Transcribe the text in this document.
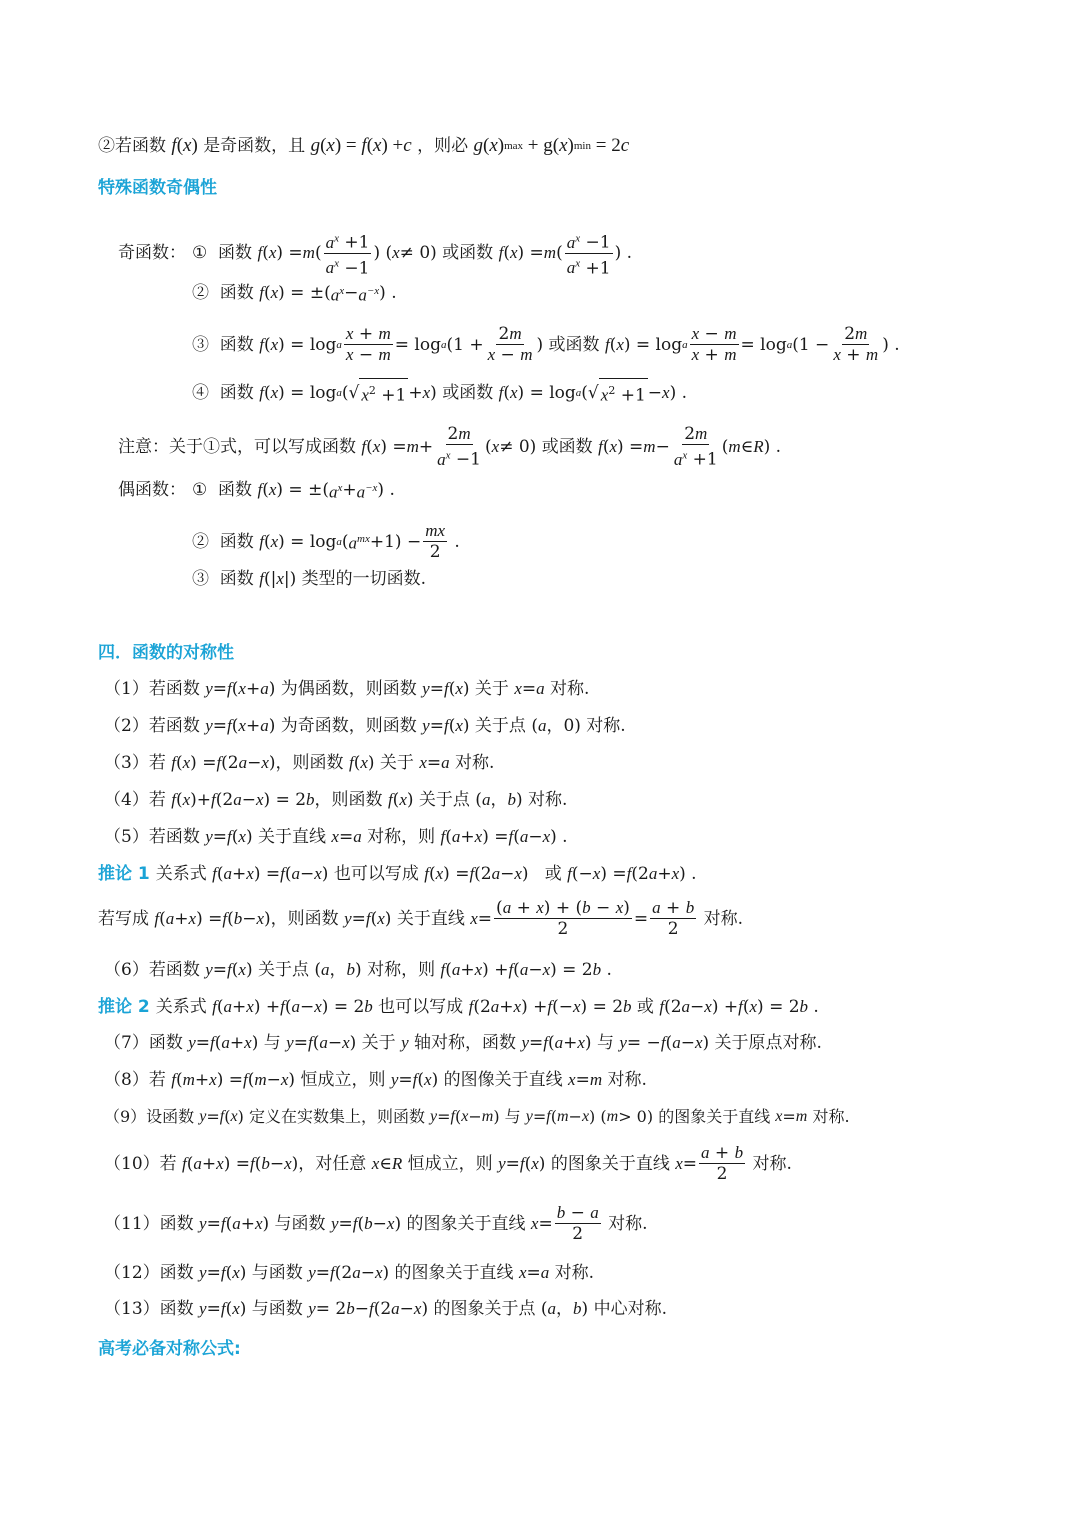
②若函数
f ( x )
是奇函数，且
g ( x ) = f ( x ) + c
，则必
g ( x ) max + g( x ) min = 2 c
特殊函数奇偶性
奇函数： ① 函数 f ( x ) = m ( $\frac{a^x +1}{a^x -1}$ ) ( x ≠ 0) 或函数 f ( x ) = m ( $\frac{a^x -1}{a^x +1}$ ) .
②  函数 f ( x ) = ±( $a^x - a^{-x}$ ) .
③  函数 f ( x ) = log a $\frac{x + m}{x - m} = \log a$ ($1 + \frac{2m}{x - m}$ ) 或函数 f ( x ) = log a $\frac{x - m}{x + m} = \log a$ ($1 - \frac{2m}{x + m}$ ) .
④  函数 f ( x ) = log a (√ $x^2 +1 + x$ ) 或函数 f ( x ) = log a (√ $x^2 +1 - x$ ) .
注意： 关于①式，可以写成函数 f ( x ) = $m + \frac{2m}{a^x -1}$ ( x ≠ 0) 或函数 f ( x ) = $m - \frac{2m}{a^x +1}$ ( m ∈ R ) .
偶函数： ① 函数 f ( x ) = ±( $a^x + a^{-x}$ ) .
②  函数 f ( x ) = log a ( $a^{mx} +1) - \frac{mx}{2}$ .
③  函数 f (| x |) 类型的一切函数.
四．函数的对称性
（1）若函数 y = f ( x + a ) 为偶函数，则函数 y = f ( x ) 关于 x = a 对称.
（2）若函数 y = f ( x + a ) 为奇函数，则函数 y = f ( x ) 关于点 ( a ，0) 对称.
（3）若 f ( x ) = f (2 a − x )，则函数 f ( x ) 关于 x = a 对称.
（4）若 f ( x )+ f (2 a − x ) = 2 b ，则函数 f ( x ) 关于点 ( a ， b ) 对称.
（5）若函数 y = f ( x ) 关于直线 x = a 对称，则 f ( a + x ) = f ( a − x ) .
推论 1 关系式 f ( a + x ) = f ( a − x ) 也可以写成 f ( x ) = f (2 a − x )   或 f (− x ) = f (2 a + x ) .
若写成 f ( a + x ) = f ( b − x )，则函数 y = f ( x ) 关于直线 $x = \frac{(a + x) + (b - x)}{2} = \frac{a + b}{2}$ 对称.
（6）若函数 y = f ( x ) 关于点 ( a ， b ) 对称，则 f ( a + x ) + f ( a − x ) = 2 b .
推论 2 关系式 f ( a + x ) + f ( a − x ) = 2 b 也可以写成 f (2 a + x ) + f (− x ) = 2 b 或 f (2 a − x ) + f ( x ) = 2 b .
（7）函数 y = f ( a + x ) 与 y = f ( a − x ) 关于 y 轴对称，函数 y = f ( a + x ) 与 y = − f ( a − x ) 关于原点对称.
（8）若 f ( m + x ) = f ( m − x ) 恒成立，则 y = f ( x ) 的图像关于直线 x = m 对称.
（9）设函数 y = f ( x ) 定义在实数集上，则函数 y = f ( x − m ) 与 y = f ( m − x ) ( m > 0) 的图象关于直线 x = m 对称.
（10）若 f ( a + x ) = f ( b − x )，对任意 x ∈ R 恒成立，则 y = f ( x ) 的图象关于直线 $x = \frac{a + b}{2}$ 对称.
（11）函数 y = f ( a + x ) 与函数 y = f ( b − x ) 的图象关于直线 $x = \frac{b - a}{2}$ 对称.
（12）函数 y = f ( x ) 与函数 y = f (2 a − x ) 的图象关于直线 x = a 对称.
（13）函数 y = f ( x ) 与函数 y = 2 b − f (2 a − x ) 的图象关于点 ( a ， b ) 中心对称.
高考必备对称公式:
